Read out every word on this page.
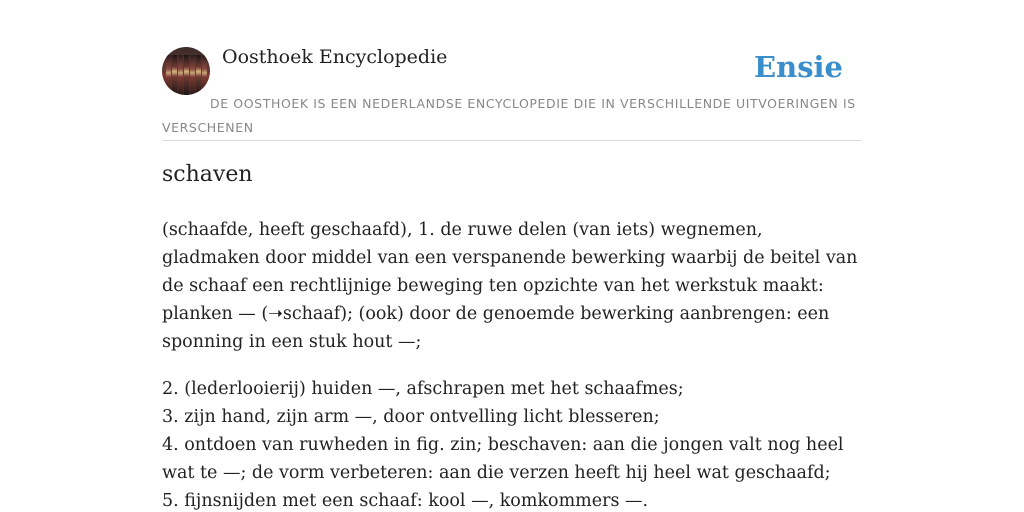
Oosthoek Encyclopedie	Ensie
DE OOSTHOEK IS EEN NEDERLANDSE ENCYCLOPEDIE DIE IN VERSCHILLENDE UITVOERINGEN IS VERSCHENEN
schaven

(schaafde, heeft geschaafd), 1. de ruwe delen (van iets) wegnemen, gladmaken door middel van een verspanende bewerking waarbij de beitel van de schaaf een rechtlijnige beweging ten opzichte van het werkstuk maakt: planken — (➝schaaf); (ook) door de genoemde bewerking aanbrengen: een sponning in een stuk hout —;

2. (lederlooierij) huiden —, afschrapen met het schaafmes;
3. zijn hand, zijn arm —, door ontvelling licht blesseren;
4. ontdoen van ruwheden in fig. zin; beschaven: aan die jongen valt nog heel wat te —; de vorm verbeteren: aan die verzen heeft hij heel wat geschaafd;
5. fijnsnijden met een schaaf: kool —, komkommers —.
